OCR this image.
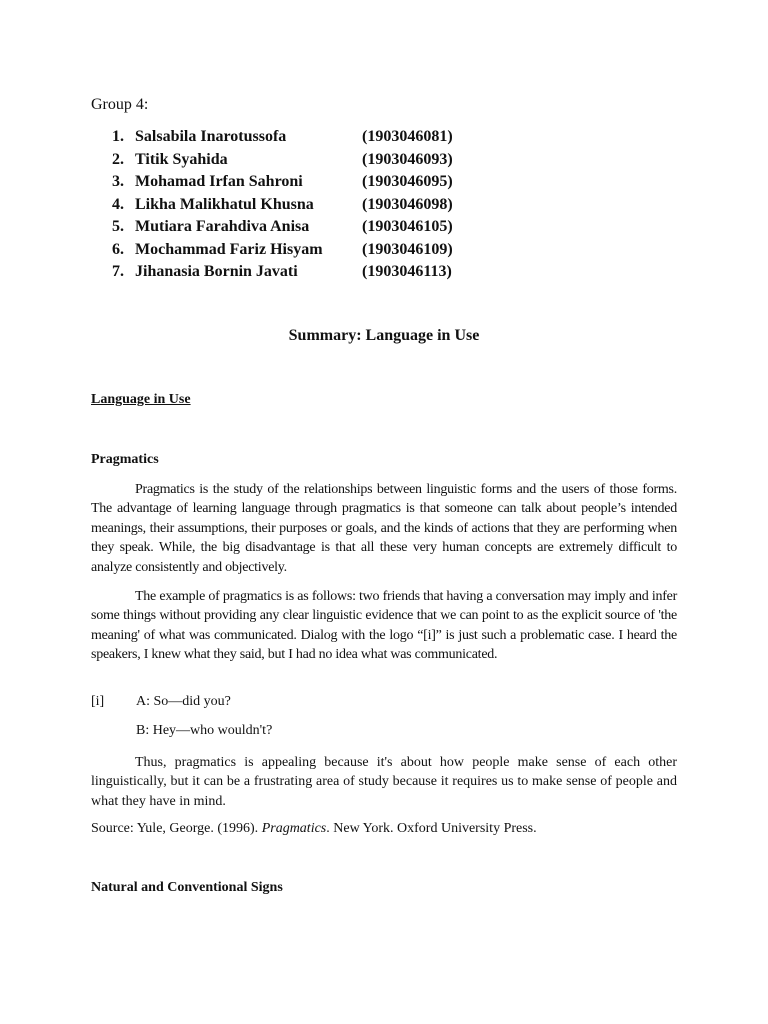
Group 4:
1. Salsabila Inarotussofa	(1903046081)
2. Titik Syahida	(1903046093)
3. Mohamad Irfan Sahroni	(1903046095)
4. Likha Malikhatul Khusna	(1903046098)
5. Mutiara Farahdiva Anisa	(1903046105)
6. Mochammad Fariz Hisyam (1903046109)
7. Jihanasia Bornin Javati	(1903046113)
Summary: Language in Use
Language in Use
Pragmatics

Pragmatics is the study of the relationships between linguistic forms and the users of those forms. The advantage of learning language through pragmatics is that someone can talk about people’s intended meanings, their assumptions, their purposes or goals, and the kinds of actions that they are performing when they speak. While, the big disadvantage is that all these very human concepts are extremely difficult to analyze consistently and objectively.

The example of pragmatics is as follows: two friends that having a conversation may imply and infer some things without providing any clear linguistic evidence that we can point to as the explicit source of 'the meaning' of what was communicated. Dialog with the logo “[i]” is just such a problematic case. I heard the speakers, I knew what they said, but I had no idea what was communicated.

[i] A: So—did you?
B: Hey—who wouldn't?

Thus, pragmatics is appealing because it's about how people make sense of each other linguistically, but it can be a frustrating area of study because it requires us to make sense of people and what they have in mind.

Source: Yule, George. (1996). Pragmatics. New York. Oxford University Press.
Natural and Conventional Signs
